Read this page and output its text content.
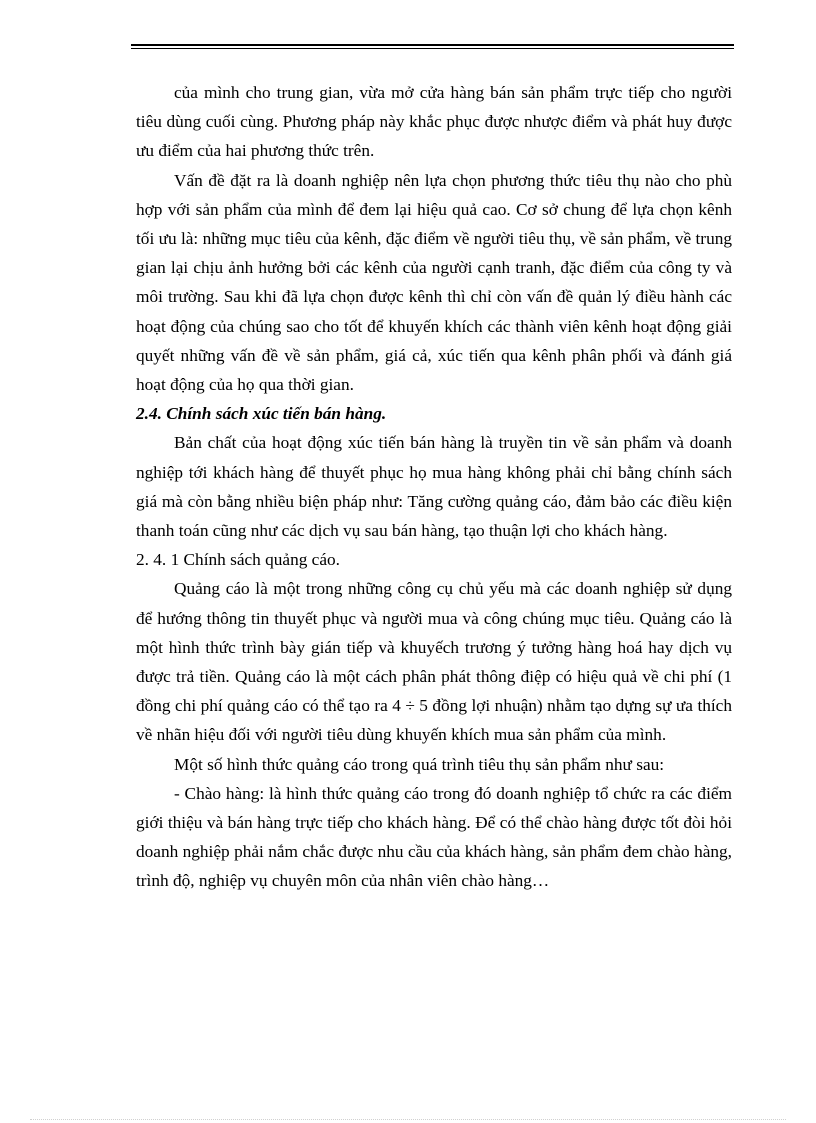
của mình cho trung gian, vừa mở cửa hàng bán sản phẩm trực tiếp cho người tiêu dùng cuối cùng. Phương pháp này khắc phục được nhược điểm và phát huy được ưu điểm của hai phương thức trên.

Vấn đề đặt ra là doanh nghiệp nên lựa chọn phương thức tiêu thụ nào cho phù hợp với sản phẩm của mình để đem lại hiệu quả cao. Cơ sở chung để lựa chọn kênh tối ưu là: những mục tiêu của kênh, đặc điểm về người tiêu thụ, về sản phẩm, về trung gian lại chịu ảnh hưởng bởi các kênh của người cạnh tranh, đặc điểm của công ty và môi trường. Sau khi đã lựa chọn được kênh thì chỉ còn vấn đề quản lý điều hành các hoạt động của chúng sao cho tốt để khuyến khích các thành viên kênh hoạt động giải quyết những vấn đề về sản phẩm, giá cả, xúc tiến qua kênh phân phối và đánh giá hoạt động của họ qua thời gian.

2.4. Chính sách xúc tiến bán hàng.

Bản chất của hoạt động xúc tiến bán hàng là truyền tin về sản phẩm và doanh nghiệp tới khách hàng để thuyết phục họ mua hàng không phải chỉ bằng chính sách giá mà còn bằng nhiều biện pháp như: Tăng cường quảng cáo, đảm bảo các điều kiện thanh toán cũng như các dịch vụ sau bán hàng, tạo thuận lợi cho khách hàng.

2. 4. 1 Chính sách quảng cáo.

Quảng cáo là một trong những công cụ chủ yếu mà các doanh nghiệp sử dụng để hướng thông tin thuyết phục và người mua và công chúng mục tiêu. Quảng cáo là một hình thức trình bày gián tiếp và khuyếch trương ý tưởng hàng hoá hay dịch vụ được trả tiền. Quảng cáo là một cách phân phát thông điệp có hiệu quả về chi phí (1 đồng chi phí quảng cáo có thể tạo ra 4 ÷ 5 đồng lợi nhuận) nhằm tạo dựng sự ưa thích về nhãn hiệu đối với người tiêu dùng khuyến khích mua sản phẩm của mình.

Một số hình thức quảng cáo trong quá trình tiêu thụ sản phẩm như sau:

- Chào hàng: là hình thức quảng cáo trong đó doanh nghiệp tổ chức ra các điểm giới thiệu và bán hàng trực tiếp cho khách hàng. Để có thể chào hàng được tốt đòi hỏi doanh nghiệp phải nắm chắc được nhu cầu của khách hàng, sản phẩm đem chào hàng, trình độ, nghiệp vụ chuyên môn của nhân viên chào hàng…
